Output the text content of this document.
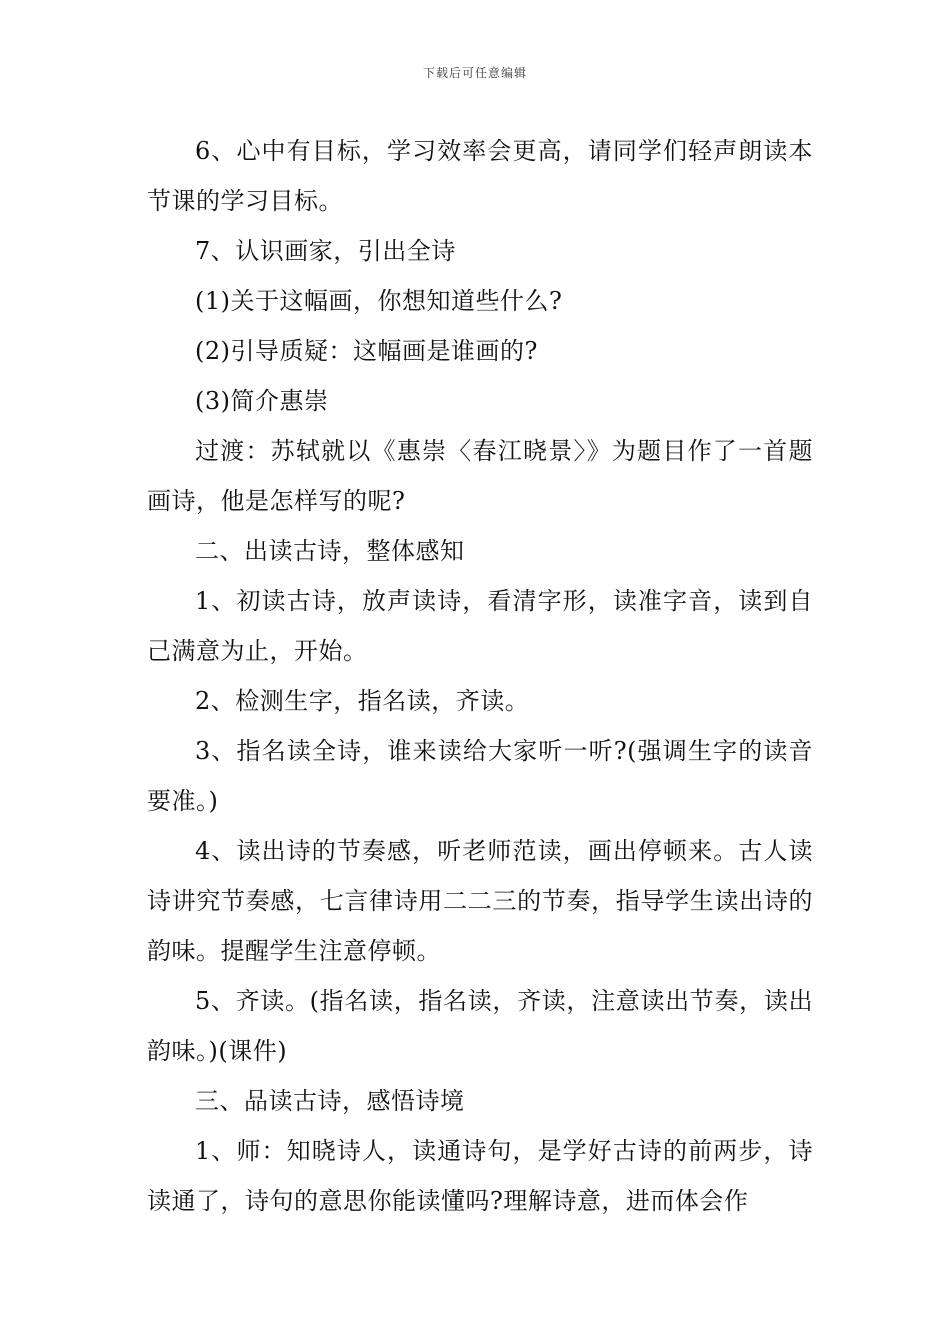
下载后可任意编辑

6、心中有目标，学习效率会更高，请同学们轻声朗读本节课的学习目标。

7、认识画家，引出全诗

(1)关于这幅画，你想知道些什么?

(2)引导质疑：这幅画是谁画的?

(3)简介惠崇

过渡：苏轼就以《惠崇〈春江晓景〉》为题目作了一首题画诗，他是怎样写的呢?

二、出读古诗，整体感知

1、初读古诗，放声读诗，看清字形，读准字音，读到自己满意为止，开始。

2、检测生字，指名读，齐读。

3、指名读全诗，谁来读给大家听一听?(强调生字的读音要准。)

4、读出诗的节奏感，听老师范读，画出停顿来。古人读诗讲究节奏感，七言律诗用二二三的节奏，指导学生读出诗的韵味。提醒学生注意停顿。

5、齐读。(指名读，指名读，齐读，注意读出节奏，读出韵味。)(课件)

三、品读古诗，感悟诗境

1、师：知晓诗人，读通诗句，是学好古诗的前两步，诗读通了，诗句的意思你能读懂吗?理解诗意，进而体会作
